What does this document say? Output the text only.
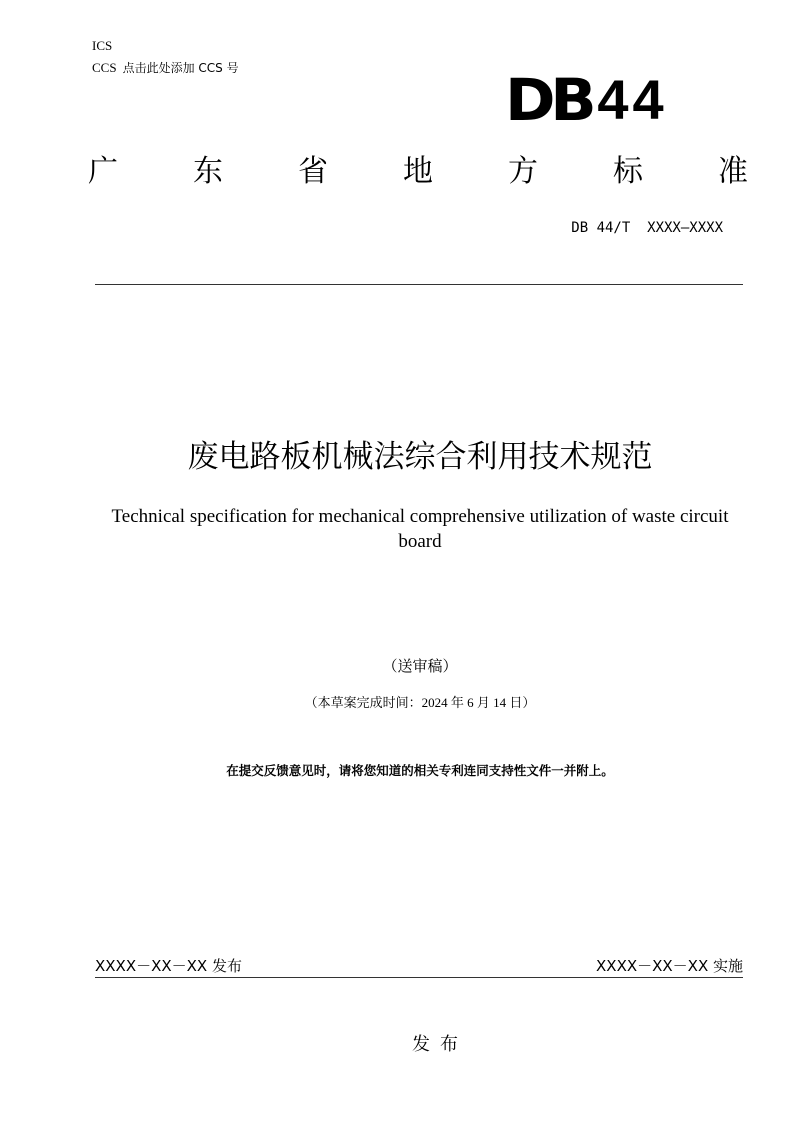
ICS
CCS 点击此处添加 CCS 号	DB 44
广	东	省	地	方	标	准
DB 44/T  XXXX—XXXX
废电路板机械法综合利用技术规范
Technical specification for mechanical comprehensive utilization of waste circuit board
（送审稿）
（本草案完成时间：2024 年 6 月 14 日）
在提交反馈意见时，请将您知道的相关专利连同支持性文件一并附上。
XXXX－XX－XX 发布	XXXX－XX－XX 实施
发布
